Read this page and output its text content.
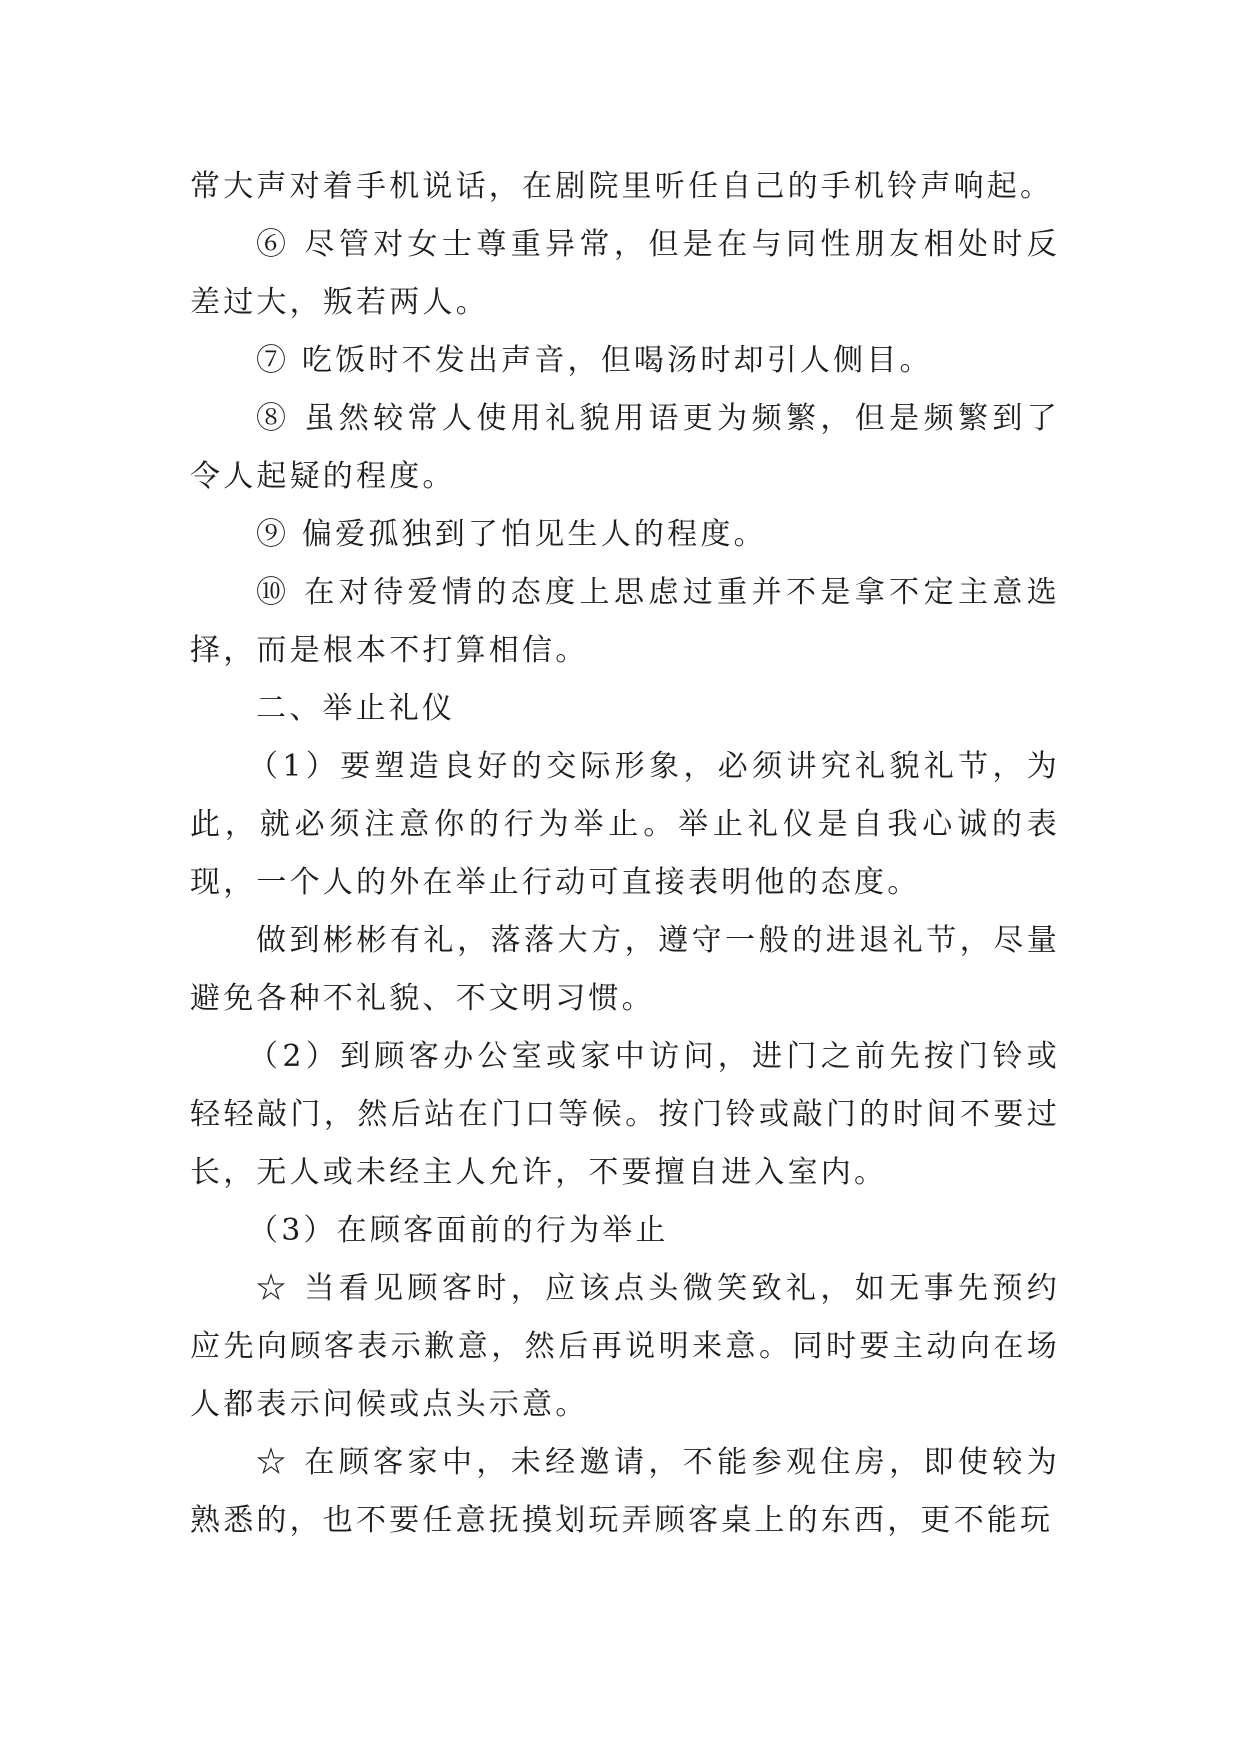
常大声对着手机说话，在剧院里听任自己的手机铃声响起。

⑥ 尽管对女士尊重异常，但是在与同性朋友相处时反差过大，叛若两人。

⑦ 吃饭时不发出声音，但喝汤时却引人侧目。

⑧ 虽然较常人使用礼貌用语更为频繁，但是频繁到了令人起疑的程度。

⑨ 偏爱孤独到了怕见生人的程度。

⑩ 在对待爱情的态度上思虑过重并不是拿不定主意选择，而是根本不打算相信。

二、举止礼仪

（1）要塑造良好的交际形象，必须讲究礼貌礼节，为此，就必须注意你的行为举止。举止礼仪是自我心诚的表现，一个人的外在举止行动可直接表明他的态度。

做到彬彬有礼，落落大方，遵守一般的进退礼节，尽量避免各种不礼貌、不文明习惯。

（2）到顾客办公室或家中访问，进门之前先按门铃或轻轻敲门，然后站在门口等候。按门铃或敲门的时间不要过长，无人或未经主人允许，不要擅自进入室内。

（3）在顾客面前的行为举止

☆ 当看见顾客时，应该点头微笑致礼，如无事先预约应先向顾客表示歉意，然后再说明来意。同时要主动向在场人都表示问候或点头示意。

☆ 在顾客家中，未经邀请，不能参观住房，即使较为熟悉的，也不要任意抚摸划玩弄顾客桌上的东西，更不能玩
